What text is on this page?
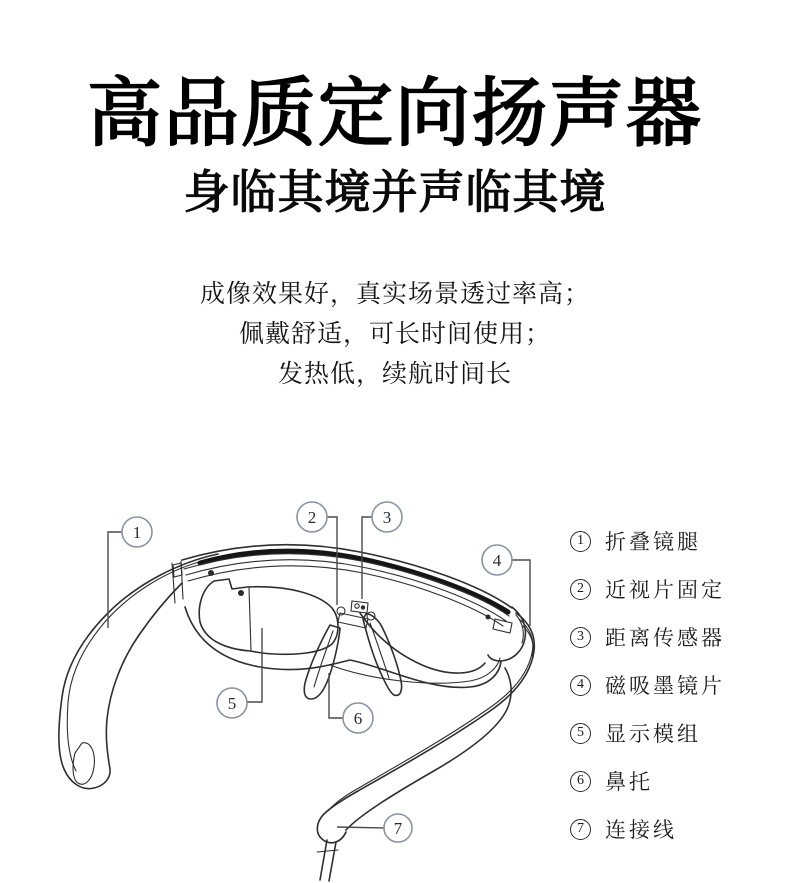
高品质定向扬声器
身临其境并声临其境

成像效果好，真实场景透过率高；

佩戴舒适，可长时间使用；

发热低，续航时间长

1
2	3
4
5
6
7
1	折叠镜腿
2	近视片固定
3	距离传感器
4	磁吸墨镜片
5	显示模组
6	鼻托
7	连接线
